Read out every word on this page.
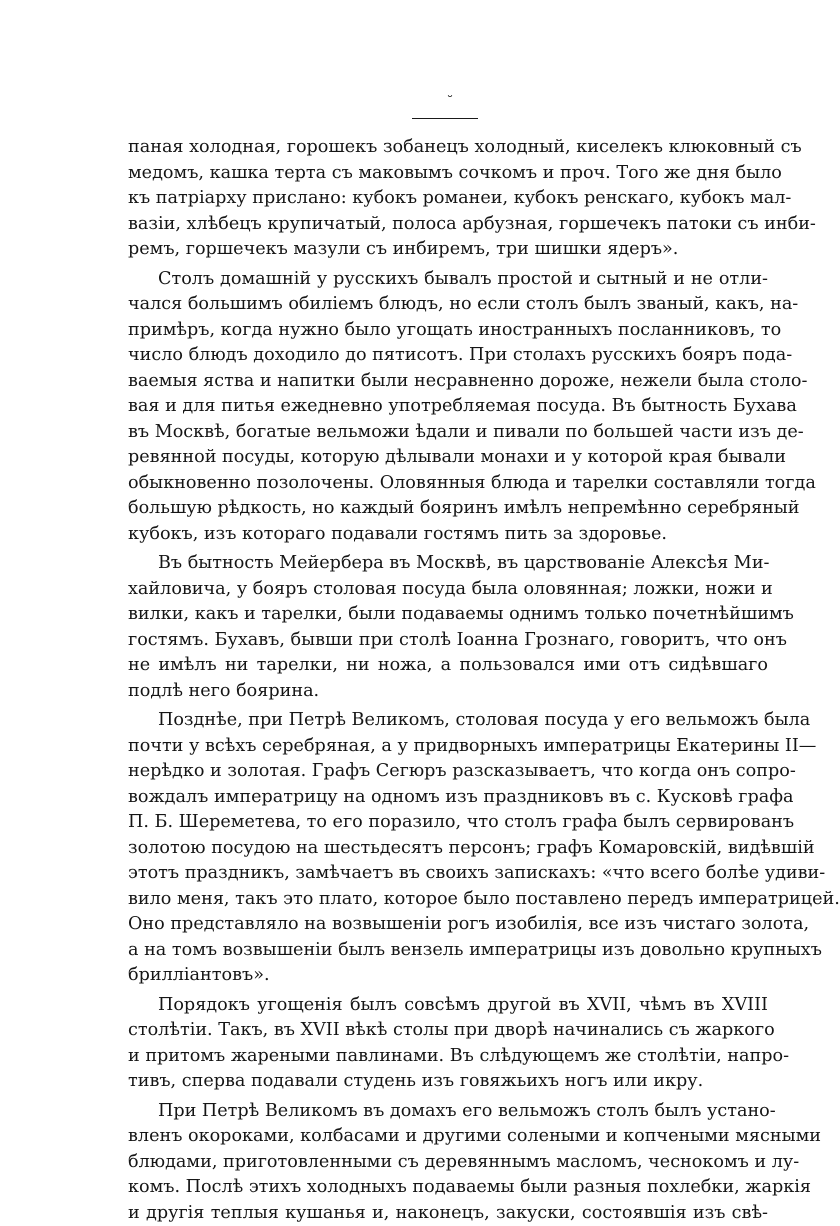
˘
паная холодная, горошекъ зобанецъ холодный, киселекъ клюковный съ
медомъ, кашка терта съ маковымъ сочкомъ и проч. Того же дня было
къ патріарху прислано: кубокъ романеи, кубокъ ренскаго, кубокъ мал-
вазіи, хлѣбецъ крупичатый, полоса арбузная, горшечекъ патоки съ инби-
ремъ, горшечекъ мазули съ инбиремъ, три шишки ядеръ».
Столъ домашній у русскихъ бывалъ простой и сытный и не отли-
чался большимъ обиліемъ блюдъ, но если столъ былъ званый, какъ, на-
примѣръ, когда нужно было угощать иностранныхъ посланниковъ, то
число блюдъ доходило до пятисотъ. При столахъ русскихъ бояръ пода-
ваемыя яства и напитки были несравненно дороже, нежели была столо-
вая и для питья ежедневно употребляемая посуда. Въ бытность Бухава
въ Москвѣ, богатые вельможи ѣдали и пивали по большей части изъ де-
ревянной посуды, которую дѣлывали монахи и у которой края бывали
обыкновенно позолочены. Оловянныя блюда и тарелки составляли тогда
большую рѣдкость, но каждый бояринъ имѣлъ непремѣнно серебряный
кубокъ, изъ котораго подавали гостямъ пить за здоровье.
Въ бытность Мейербера въ Москвѣ, въ царствованіе Алексѣя Ми-
хайловича, у бояръ столовая посуда была оловянная; ложки, ножи и
вилки, какъ и тарелки, были подаваемы однимъ только почетнѣйшимъ
гостямъ. Бухавъ, бывши при столѣ Іоанна Грознаго, говоритъ, что онъ
не имѣлъ ни тарелки, ни ножа, а пользовался ими отъ сидѣвшаго
подлѣ него боярина.
Позднѣе, при Петрѣ Великомъ, столовая посуда у его вельможъ была
почти у всѣхъ серебряная, а у придворныхъ императрицы Екатерины II—
нерѣдко и золотая. Графъ Сегюръ разсказываетъ, что когда онъ сопро-
вождалъ императрицу на одномъ изъ праздниковъ въ с. Кусковѣ графа
П. Б. Шереметева, то его поразило, что столъ графа былъ сервированъ
золотою посудою на шестьдесятъ персонъ; графъ Комаровскій, видѣвшій
этотъ праздникъ, замѣчаетъ въ своихъ запискахъ: «что всего болѣе удиви-
вило меня, такъ это плато, которое было поставлено передъ императрицей.
Оно представляло на возвышеніи рогъ изобилія, все изъ чистаго золота,
а на томъ возвышеніи былъ вензель императрицы изъ довольно крупныхъ
брилліантовъ».
Порядокъ угощенія былъ совсѣмъ другой въ XVII, чѣмъ въ XVIII
столѣтіи. Такъ, въ XVII вѣкѣ столы при дворѣ начинались съ жаркого
и притомъ жареными павлинами. Въ слѣдующемъ же столѣтіи, напро-
тивъ, сперва подавали студень изъ говяжьихъ ногъ или икру.
При Петрѣ Великомъ въ домахъ его вельможъ столъ былъ устано-
вленъ окороками, колбасами и другими солеными и копчеными мясными
блюдами, приготовленными съ деревяннымъ масломъ, чеснокомъ и лу-
комъ. Послѣ этихъ холодныхъ подаваемы были разныя похлебки, жаркія
и другія теплыя кушанья и, наконецъ, закуски, состоявшія изъ свѣ-
